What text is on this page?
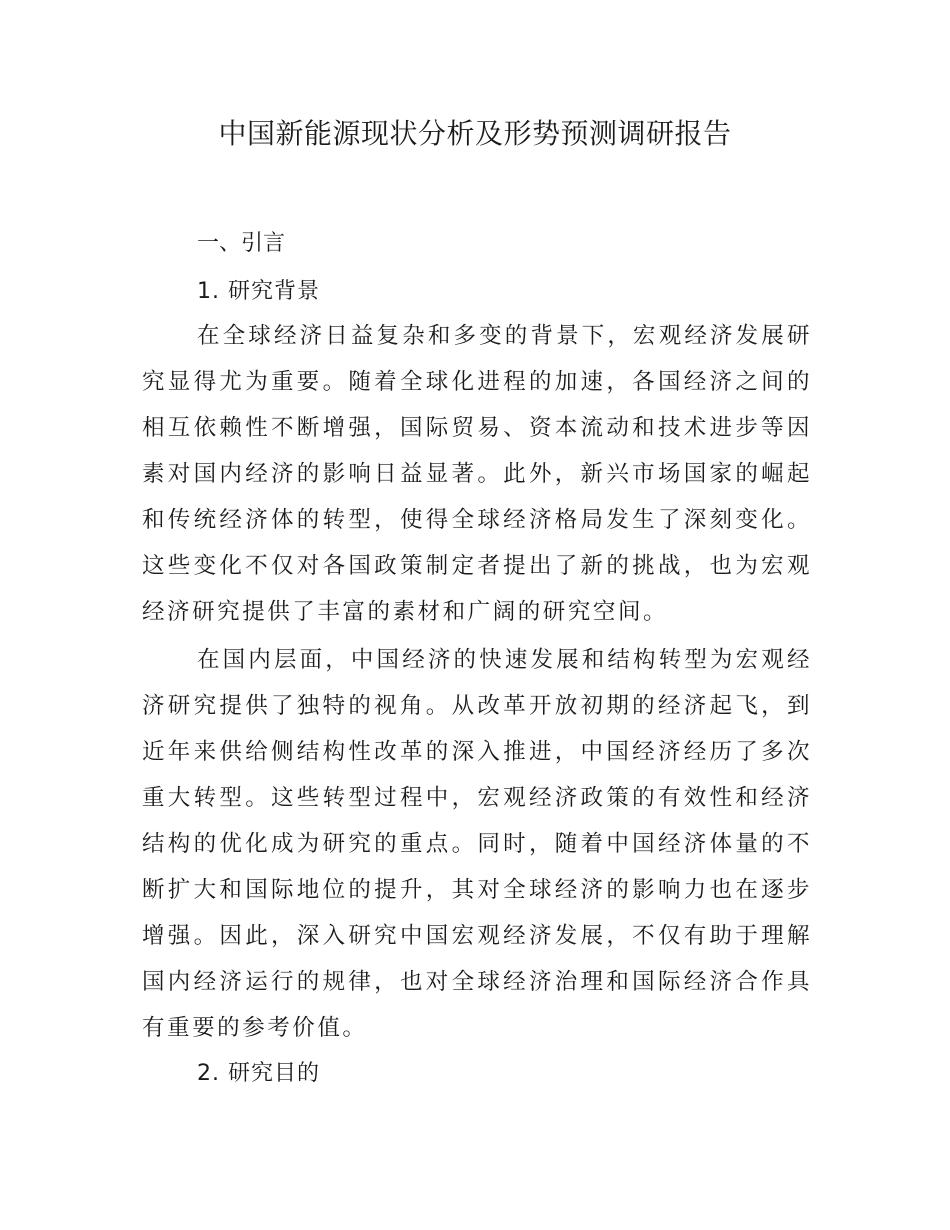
中国新能源现状分析及形势预测调研报告
一、引言
1. 研究背景

在全球经济日益复杂和多变的背景下，宏观经济发展研究显得尤为重要。随着全球化进程的加速，各国经济之间的相互依赖性不断增强，国际贸易、资本流动和技术进步等因素对国内经济的影响日益显著。此外，新兴市场国家的崛起和传统经济体的转型，使得全球经济格局发生了深刻变化。这些变化不仅对各国政策制定者提出了新的挑战，也为宏观经济研究提供了丰富的素材和广阔的研究空间。

在国内层面，中国经济的快速发展和结构转型为宏观经济研究提供了独特的视角。从改革开放初期的经济起飞，到近年来供给侧结构性改革的深入推进，中国经济经历了多次重大转型。这些转型过程中，宏观经济政策的有效性和经济结构的优化成为研究的重点。同时，随着中国经济体量的不断扩大和国际地位的提升，其对全球经济的影响力也在逐步增强。因此，深入研究中国宏观经济发展，不仅有助于理解国内经济运行的规律，也对全球经济治理和国际经济合作具有重要的参考价值。

2. 研究目的
